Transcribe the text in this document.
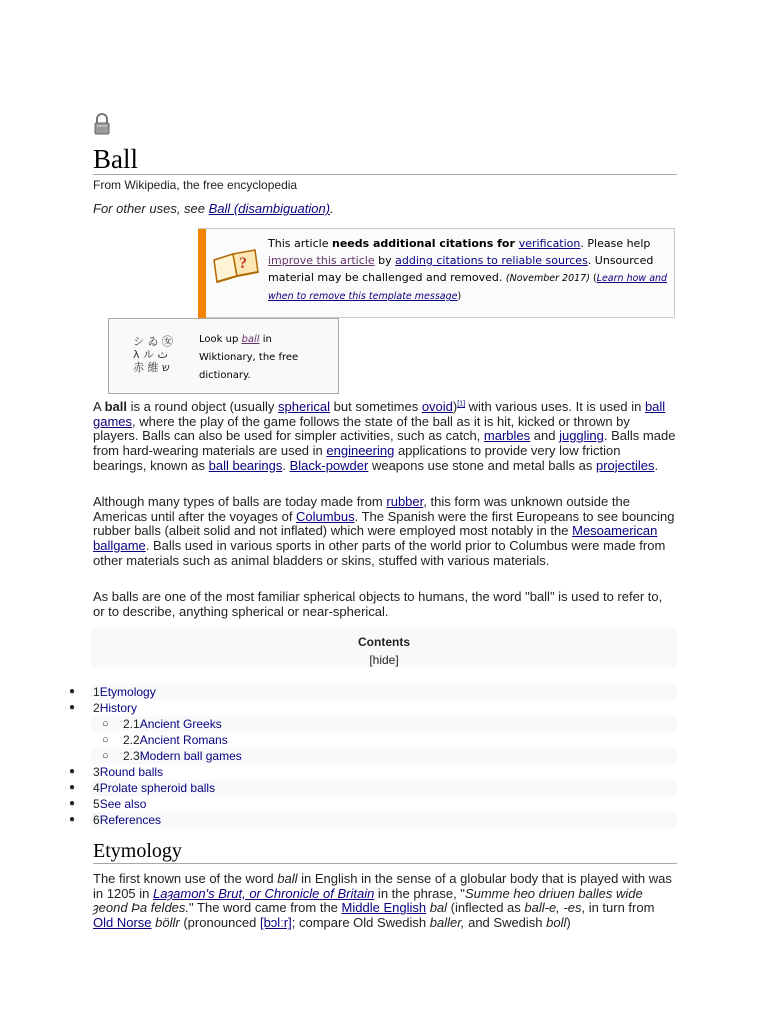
Ball
From Wikipedia, the free encyclopedia
For other uses, see Ball (disambiguation).
?
This article needs additional citations for verification. Please help improve this article by adding citations to reliable sources. Unsourced material may be challenged and removed. (November 2017) (Learn how and when to remove this template message)
シ ゐ ㊛
λ ル ث
赤 維 ש
Look up ball in Wiktionary, the free dictionary.

A ball is a round object (usually spherical but sometimes ovoid)[1] with various uses. It is used in ball games, where the play of the game follows the state of the ball as it is hit, kicked or thrown by players. Balls can also be used for simpler activities, such as catch, marbles and juggling. Balls made from hard-wearing materials are used in engineering applications to provide very low friction bearings, known as ball bearings. Black-powder weapons use stone and metal balls as projectiles.

Although many types of balls are today made from rubber, this form was unknown outside the Americas until after the voyages of Columbus. The Spanish were the first Europeans to see bouncing rubber balls (albeit solid and not inflated) which were employed most notably in the Mesoamerican ballgame. Balls used in various sports in other parts of the world prior to Columbus were made from other materials such as animal bladders or skins, stuffed with various materials.

As balls are one of the most familiar spherical objects to humans, the word "ball" is used to refer to, or to describe, anything spherical or near-spherical.

Contents
[hide]
● 1Etymology
● 2History
○ 2.1Ancient Greeks
○ 2.2Ancient Romans
○ 2.3Modern ball games
● 3Round balls
● 4Prolate spheroid balls
● 5See also
● 6References
Etymology

The first known use of the word ball in English in the sense of a globular body that is played with was in 1205 in Laȝamon's Brut, or Chronicle of Britain in the phrase, "Summe heo driuen balles wide ȝeond Þa feldes." The word came from the Middle English bal (inflected as ball-e, -es, in turn from Old Norse böllr (pronounced [bɔlːr]; compare Old Swedish baller, and Swedish boll)
